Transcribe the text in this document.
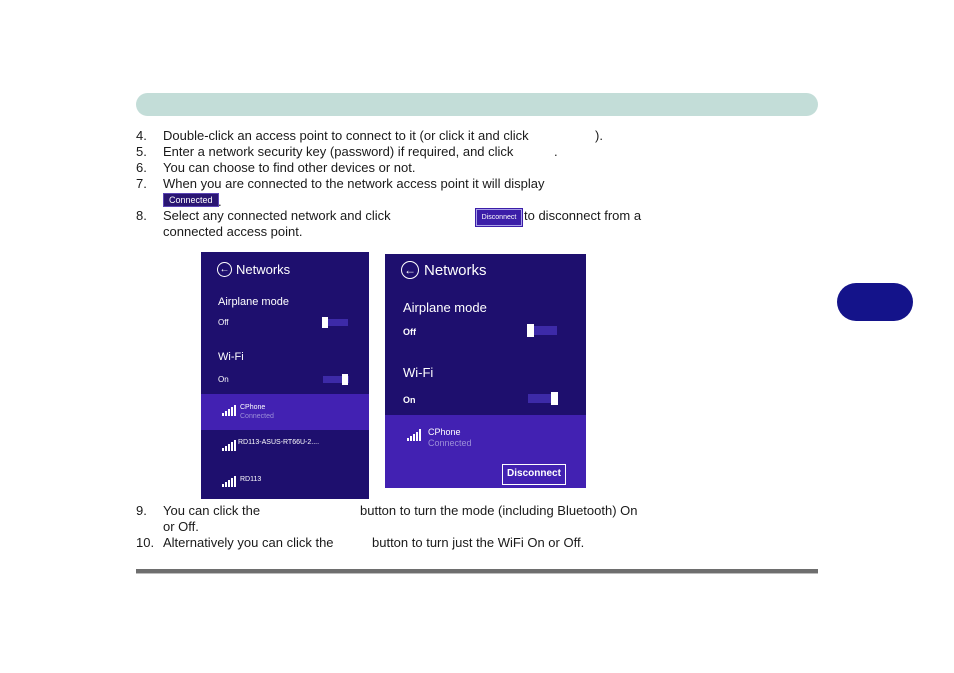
4. Double-click an access point to connect to it (or click it and click	).
5. Enter a network security key (password) if required, and click	.
6. You can choose to find other devices or not.
7. When you are connected to the network access point it will display
Connected .
8. Select any connected network and click	to disconnect from a
connected access point.
Disconnect
← Networks
Airplane mode
Off
Wi-Fi
On
CPhone
Connected
RD113-ASUS-RT66U-2....
RD113
← Networks
Airplane mode
Off
Wi-Fi
On
CPhone
Connected
Disconnect
9. You can click the	button to turn the mode (including Bluetooth) On
or Off.
10. Alternatively you can click the	button to turn just the WiFi On or Off.
